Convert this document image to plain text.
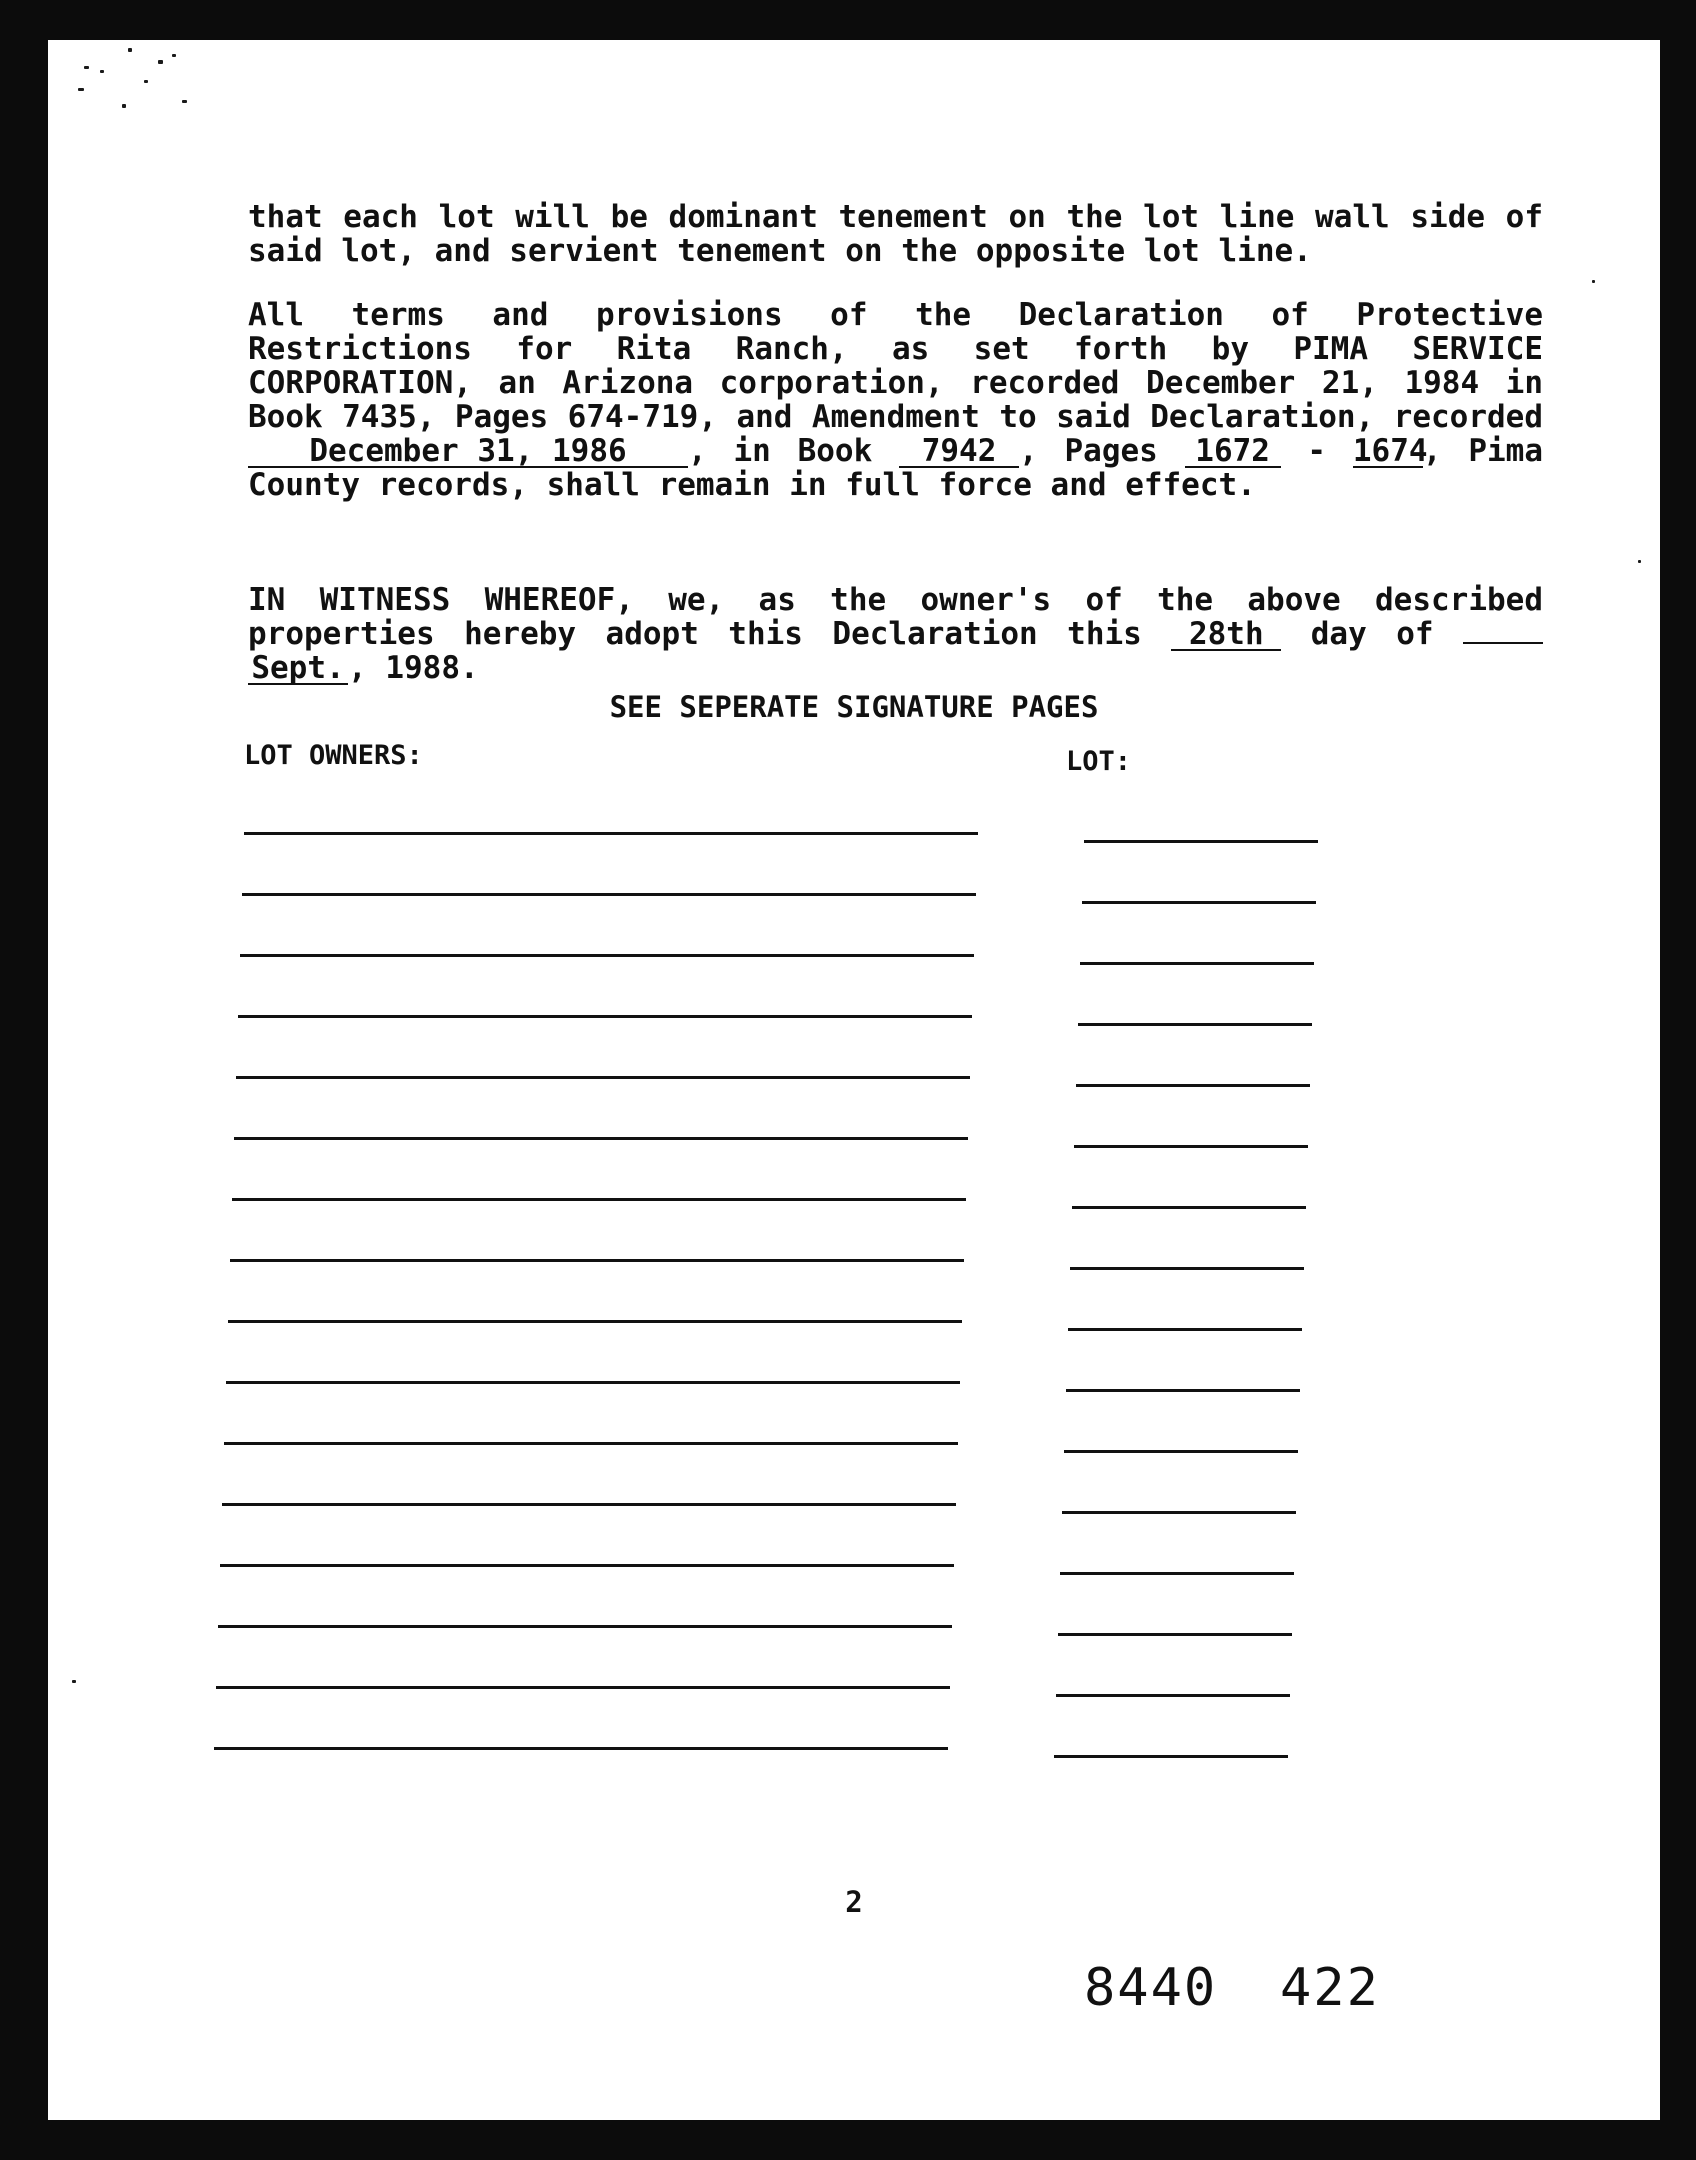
that each lot will be dominant tenement on the lot line wall side of said lot, and servient tenement on the opposite lot line.
All terms and provisions of the Declaration of Protective Restrictions for Rita Ranch, as set forth by PIMA SERVICE CORPORATION, an Arizona corporation, recorded December 21, 1984 in Book 7435, Pages 674-719, and Amendment to said Declaration, recorded December 31, 1986 , in Book 7942 , Pages 1672 - 1674, Pima County records, shall remain in full force and effect.
IN WITNESS WHEREOF, we, as the owner's of the above described properties hereby adopt this Declaration this 28th day of  Sept. , 1988.
SEE SEPERATE SIGNATURE PAGES
LOT OWNERS:	LOT:
2
8440 422
